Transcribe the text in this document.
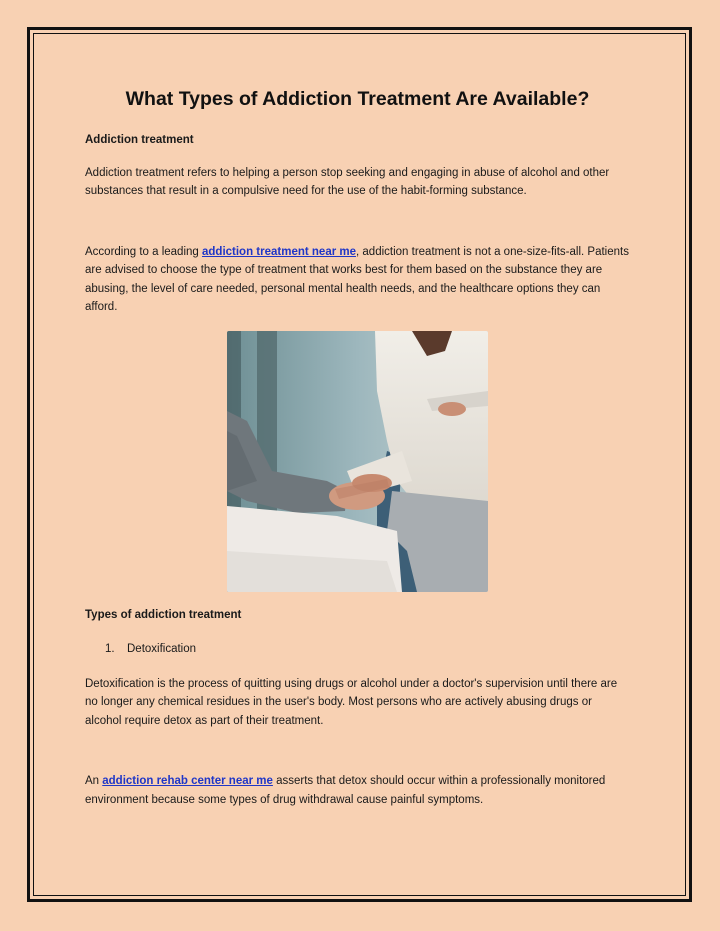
What Types of Addiction Treatment Are Available?

Addiction treatment

Addiction treatment refers to helping a person stop seeking and engaging in abuse of alcohol and other substances that result in a compulsive need for the use of the habit-forming substance.

According to a leading addiction treatment near me, addiction treatment is not a one-size-fits-all. Patients are advised to choose the type of treatment that works best for them based on the substance they are abusing, the level of care needed, personal mental health needs, and the healthcare options they can afford.

Types of addiction treatment

1. Detoxification

Detoxification is the process of quitting using drugs or alcohol under a doctor's supervision until there are no longer any chemical residues in the user's body. Most persons who are actively abusing drugs or alcohol require detox as part of their treatment.

An addiction rehab center near me asserts that detox should occur within a professionally monitored environment because some types of drug withdrawal cause painful symptoms.
